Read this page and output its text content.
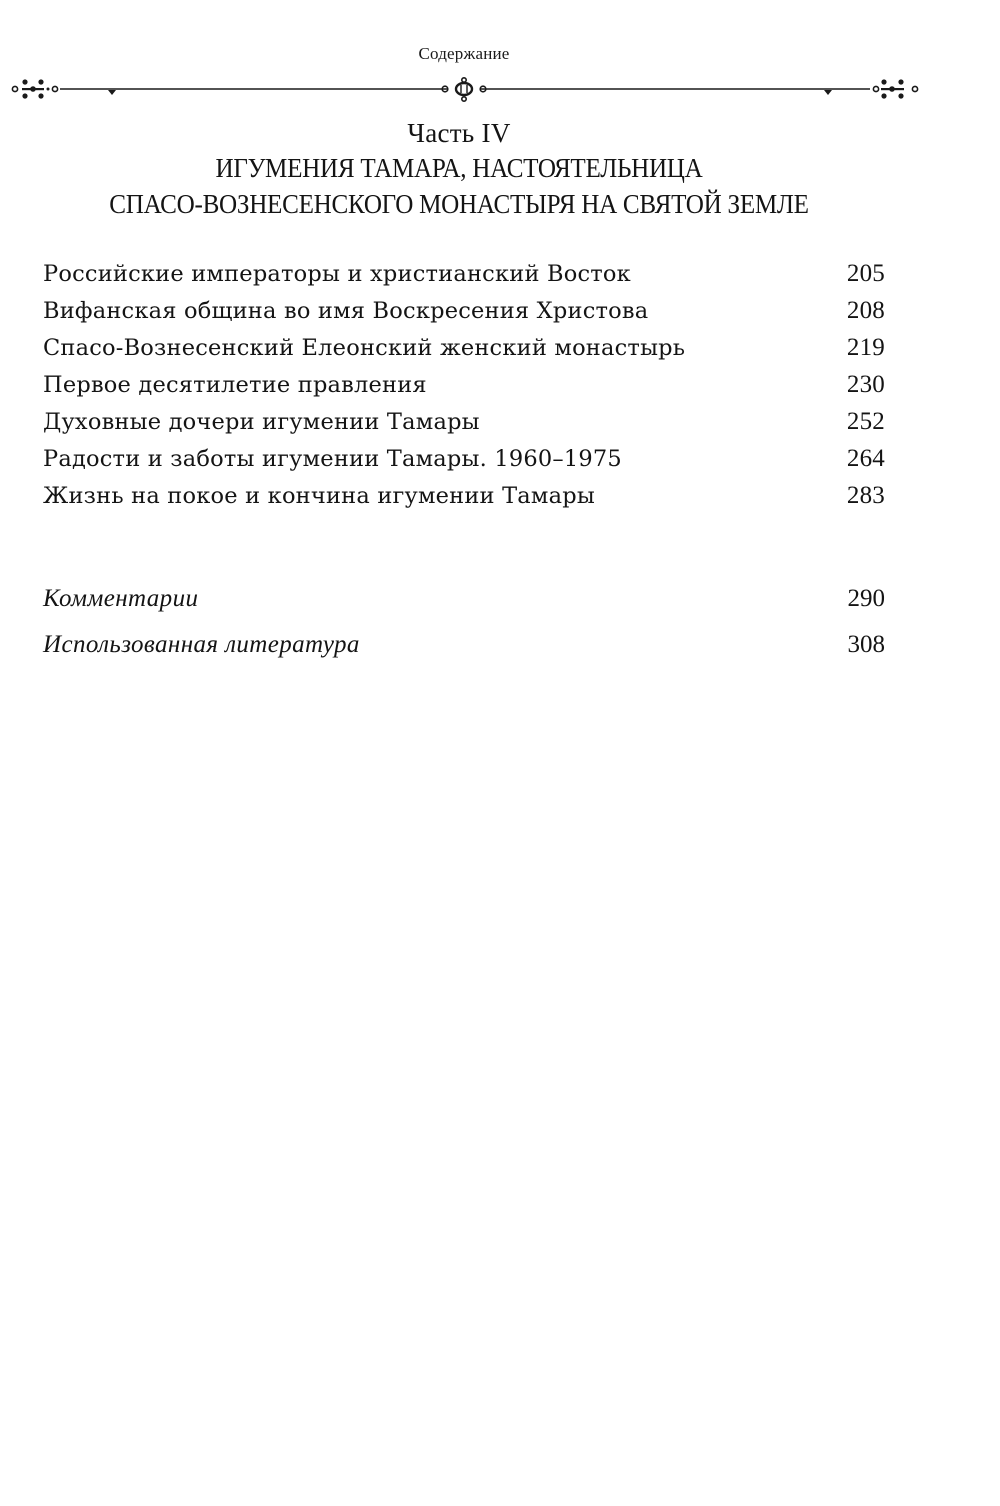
Содержание
Часть IV
ИГУМЕНИЯ ТАМАРА, НАСТОЯТЕЛЬНИЦА
СПАСО-ВОЗНЕСЕНСКОГО МОНАСТЫРЯ НА СВЯТОЙ ЗЕМЛЕ
Российские императоры и христианский Восток	205
Вифанская община во имя Воскресения Христова	208
Спасо-Вознесенский Елеонский женский монастырь	219
Первое десятилетие правления	230
Духовные дочери игумении Тамары	252
Радости и заботы игумении Тамары. 1960–1975	264
Жизнь на покое и кончина игумении Тамары	283
Комментарии	290
Использованная литература	308
